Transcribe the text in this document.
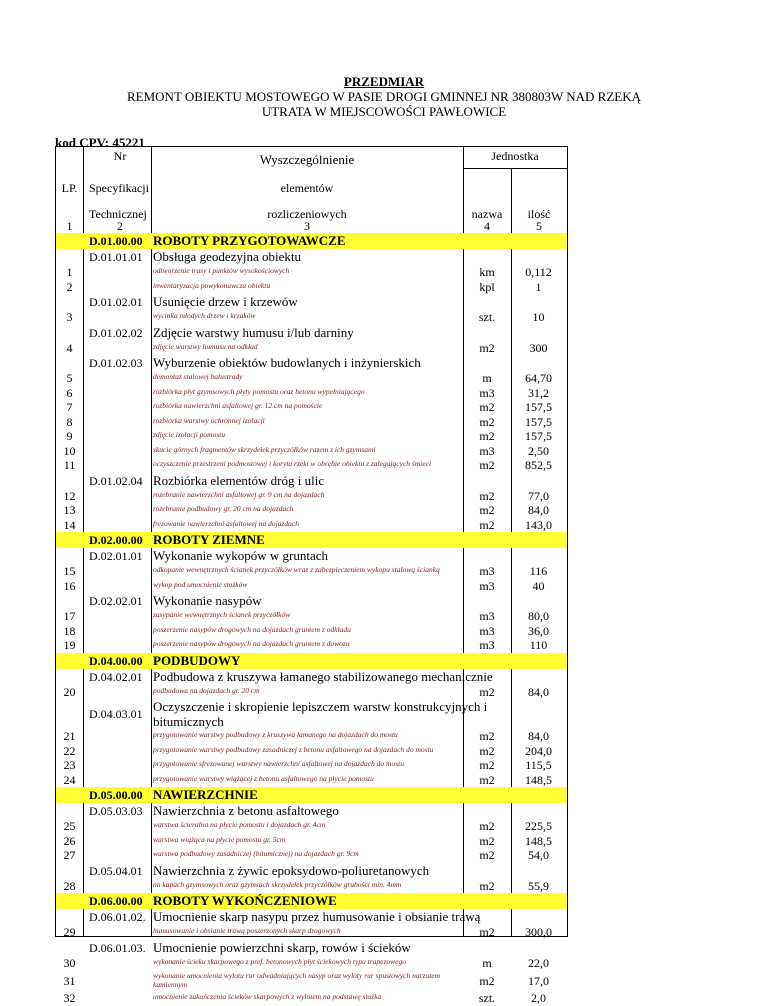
PRZEDMIAR
REMONT OBIEKTU MOSTOWEGO W PASIE DROGI GMINNEJ NR 380803W NAD RZEKĄ
UTRATA W MIEJSCOWOŚCI PAWŁOWICE
kod CPV: 45221
Nr	Wyszczególnienie	Jednostka
LP. Specyfikacji	elementów
Technicznej	rozliczeniowych	nazwa	ilość
1	2	3	4	5
D.01.00.00 ROBOTY PRZYGOTOWAWCZE
D.01.01.01 Obsługa geodezyjna obiektu
1	odtworzenie trasy i punktów wysokościowych	km	0,112
2	inwentaryzacja powykonawcza obiektu	kpl	1
D.01.02.01 Usunięcie drzew i krzewów
3	wycinka młodych drzew i krzaków	szt.	10
D.01.02.02 Zdjęcie warstwy humusu i/lub darniny
4	zdjęcie warstwy humusu na odkład	m2	300
D.01.02.03 Wyburzenie obiektów budowlanych i inżynierskich
5	demontaż stalowej balustrady	m	64,70
6	rozbiórka płyt gzymsowych płyty pomostu oraz betonu wypełniającego	m3	31,2
7	rozbiórka nawierzchni asfaltowej gr. 12 cm na pomoście	m2	157,5
8	rozbiórka warstwy ochronnej izolacji	m2	157,5
9	zdjęcie izolacji pomostu	m2	157,5
10	skucie górnych fragmentów skrzydełek przyczółków razem z ich gzymsami	m3	2,50
11	oczyszczenie przestrzeni podmostowej i koryta rzeki w obrębie obiektu z zalegających śmieci	m2	852,5
D.01.02.04 Rozbiórka elementów dróg i ulic
12	rozebranie nawierzchni asfaltowej gr. 9 cm na dojazdach	m2	77,0
13	rozebranie podbudowy gr. 20 cm na dojazdach	m2	84,0
14	frezowanie nawierzchni asfaltowej na dojazdach	m2	143,0
D.02.00.00 ROBOTY ZIEMNE
D.02.01.01 Wykonanie wykopów w gruntach
15	odkopanie wewnętrznych ścianek przyczółków wraz z zabezpieczeniem wykopu stalową ścianką	m3	116
16	wykop pod umocnienie stożków	m3	40
D.02.02.01 Wykonanie nasypów
17	zasypanie wewnętrznych ścianek przyczółków	m3	80,0
18	poszerzenie nasypów drogowych na dojazdach gruntem z odkładu	m3	36,0
19	poszerzenie nasypów drogowych na dojazdach gruntem z dowozu	m3	110
D.04.00.00 PODBUDOWY
D.04.02.01 Podbudowa z kruszywa łamanego stabilizowanego mechanicznie
20	podbudowa na dojazdach gr. 20 cm	m2	84,0
D.04.03.01 Oczyszczenie i skropienie lepiszczem warstw konstrukcyjnych i
bitumicznych
21	przygotowanie warstwy podbudowy z kruszywa łamanego na dojazdach do mostu	m2	84,0
22	przygotowanie warstwy podbudowy zasadniczej z betonu asfaltowego na dojazdach do mostu	m2	204,0
23	przygotowanie sfrezowanej warstwy nawierzchni asfaltowej na dojazdach do mostu	m2	115,5
24	przygotowanie warstwy wiążącej z betonu asfaltowego na płycie pomostu	m2	148,5
D.05.00.00 NAWIERZCHNIE
D.05.03.03 Nawierzchnia z betonu asfaltowego
25	warstwa ścieralna na płycie pomostu i dojazdach gr. 4cm	m2	225,5
26	warstwa wiążąca na płycie pomostu gr. 5cm	m2	148,5
27	warstwa podbudowy zasadniczej (bitumicznej) na dojazdach gr. 9cm	m2	54,0
D.05.04.01 Nawierzchnia z żywic epoksydowo-poliuretanowych
28	na kapach gzymsowych oraz gzymsach skrzydełek przyczółków grubości min. 4mm	m2	55,9
D.06.00.00 ROBOTY WYKOŃCZENIOWE
D.06.01.02. Umocnienie skarp nasypu przez humusowanie i obsianie trawą
29	humusowanie i obsianie trawą poszerzonych skarp drogowych	m2	300,0
D.06.01.03. Umocnienie powierzchni skarp, rowów i ścieków
30	wykonanie ścieku skarpowego z pref. betonowych płyt ściekowych typu trapezowego	m	22,0
31	wykonanie umocnienia wylotu rur odwadniających nasyp oraz wyloty rur spustowych narzutem
kamiennym	m2	17,0
32	umocnienie zakończenia ścieków skarpowych z wylotem na podstawę stożka	szt.	2,0
